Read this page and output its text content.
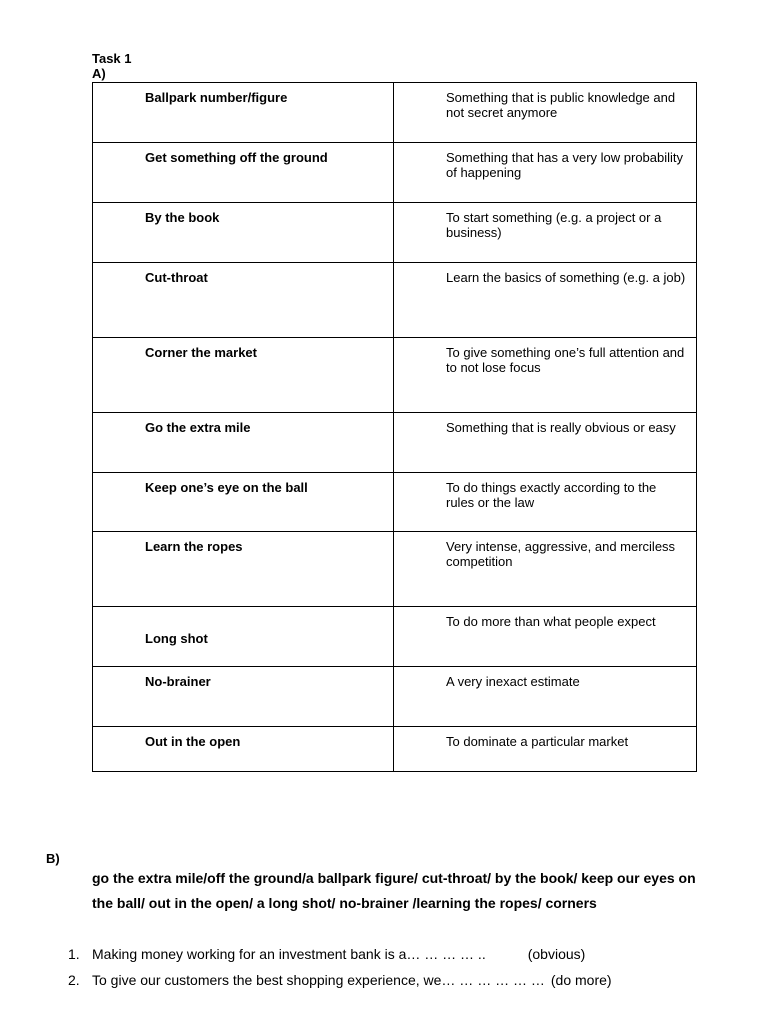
Task 1
A)
Ballpark number/figure	Something that is public knowledge and not secret anymore
Get something off the ground	Something that has a very low probability of happening
By the book	To start something (e.g. a project or a business)
Cut-throat	Learn the basics of something (e.g. a job)
Corner the market	To give something one’s full attention and to not lose focus
Go the extra mile	Something that is really obvious or easy
Keep one’s eye on the ball	To do things exactly according to the rules or the law
Learn the ropes	Very intense, aggressive, and merciless competition
Long shot	To do more than what people expect
No-brainer	A very inexact estimate
Out in the open	To dominate a particular market
B)
go the extra mile/off the ground/a ballpark figure/ cut-throat/ by the book/ keep our eyes on the ball/ out in the open/ a long shot/ no-brainer /learning the ropes/ corners
1. Making money working for an investment bank is a… … … … ..	(obvious)
2. To give our customers the best shopping experience, we… … … … … … (do more)
